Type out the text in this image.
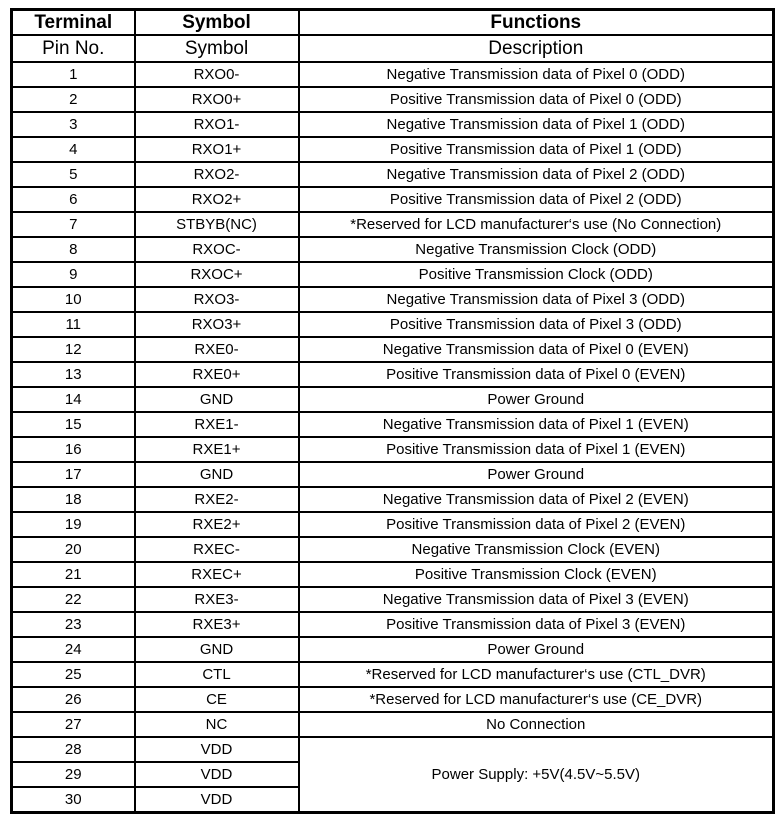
Terminal	Symbol	Functions
Pin No.	Symbol	Description
1	RXO0-	Negative Transmission data of Pixel 0 (ODD)
2	RXO0+	Positive Transmission data of Pixel 0 (ODD)
3	RXO1-	Negative Transmission data of Pixel 1 (ODD)
4	RXO1+	Positive Transmission data of Pixel 1 (ODD)
5	RXO2-	Negative Transmission data of Pixel 2 (ODD)
6	RXO2+	Positive Transmission data of Pixel 2 (ODD)
7	STBYB(NC)	*Reserved for LCD manufacturer‘s use (No Connection)
8	RXOC-	Negative Transmission Clock (ODD)
9	RXOC+	Positive Transmission Clock (ODD)
10	RXO3-	Negative Transmission data of Pixel 3 (ODD)
11	RXO3+	Positive Transmission data of Pixel 3 (ODD)
12	RXE0-	Negative Transmission data of Pixel 0 (EVEN)
13	RXE0+	Positive Transmission data of Pixel 0 (EVEN)
14	GND	Power Ground
15	RXE1-	Negative Transmission data of Pixel 1 (EVEN)
16	RXE1+	Positive Transmission data of Pixel 1 (EVEN)
17	GND	Power Ground
18	RXE2-	Negative Transmission data of Pixel 2 (EVEN)
19	RXE2+	Positive Transmission data of Pixel 2 (EVEN)
20	RXEC-	Negative Transmission Clock (EVEN)
21	RXEC+	Positive Transmission Clock (EVEN)
22	RXE3-	Negative Transmission data of Pixel 3 (EVEN)
23	RXE3+	Positive Transmission data of Pixel 3 (EVEN)
24	GND	Power Ground
25	CTL	*Reserved for LCD manufacturer‘s use (CTL_DVR)
26	CE	*Reserved for LCD manufacturer‘s use (CE_DVR)
27	NC	No Connection
28	VDD	Power Supply: +5V(4.5V~5.5V)
29	VDD	
30	VDD	
